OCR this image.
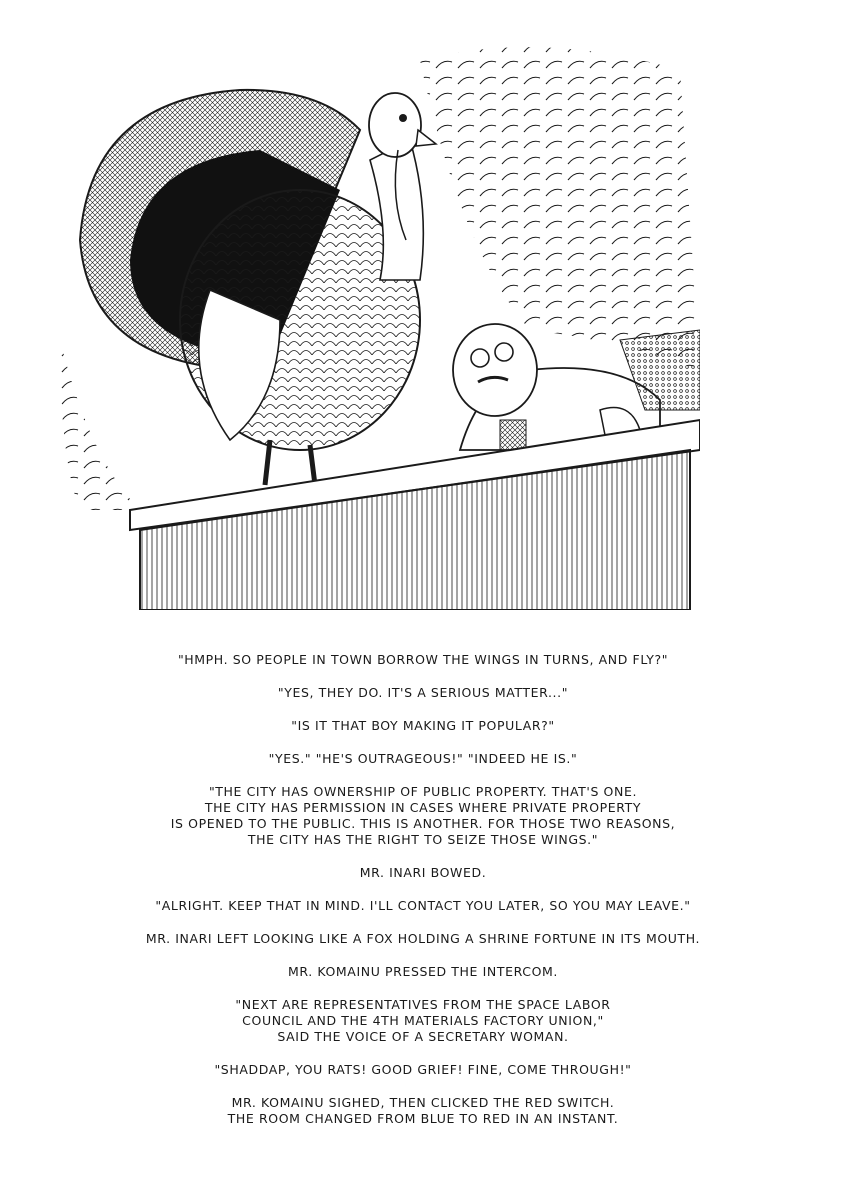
"HMPH. SO PEOPLE IN TOWN BORROW THE WINGS IN TURNS, AND FLY?"

"YES, THEY DO. IT'S A SERIOUS MATTER..."

"IS IT THAT BOY MAKING IT POPULAR?"

"YES." "HE'S OUTRAGEOUS!" "INDEED HE IS."

"THE CITY HAS OWNERSHIP OF PUBLIC PROPERTY. THAT'S ONE.
THE CITY HAS PERMISSION IN CASES WHERE PRIVATE PROPERTY
IS OPENED TO THE PUBLIC. THIS IS ANOTHER. FOR THOSE TWO REASONS,
THE CITY HAS THE RIGHT TO SEIZE THOSE WINGS."

MR. INARI BOWED.

"ALRIGHT. KEEP THAT IN MIND. I'LL CONTACT YOU LATER, SO YOU MAY LEAVE."

MR. INARI LEFT LOOKING LIKE A FOX HOLDING A SHRINE FORTUNE IN ITS MOUTH.

MR. KOMAINU PRESSED THE INTERCOM.

"NEXT ARE REPRESENTATIVES FROM THE SPACE LABOR
COUNCIL AND THE 4TH MATERIALS FACTORY UNION,"
SAID THE VOICE OF A SECRETARY WOMAN.

"SHADDAP, YOU RATS! GOOD GRIEF! FINE, COME THROUGH!"

MR. KOMAINU SIGHED, THEN CLICKED THE RED SWITCH.
THE ROOM CHANGED FROM BLUE TO RED IN AN INSTANT.
